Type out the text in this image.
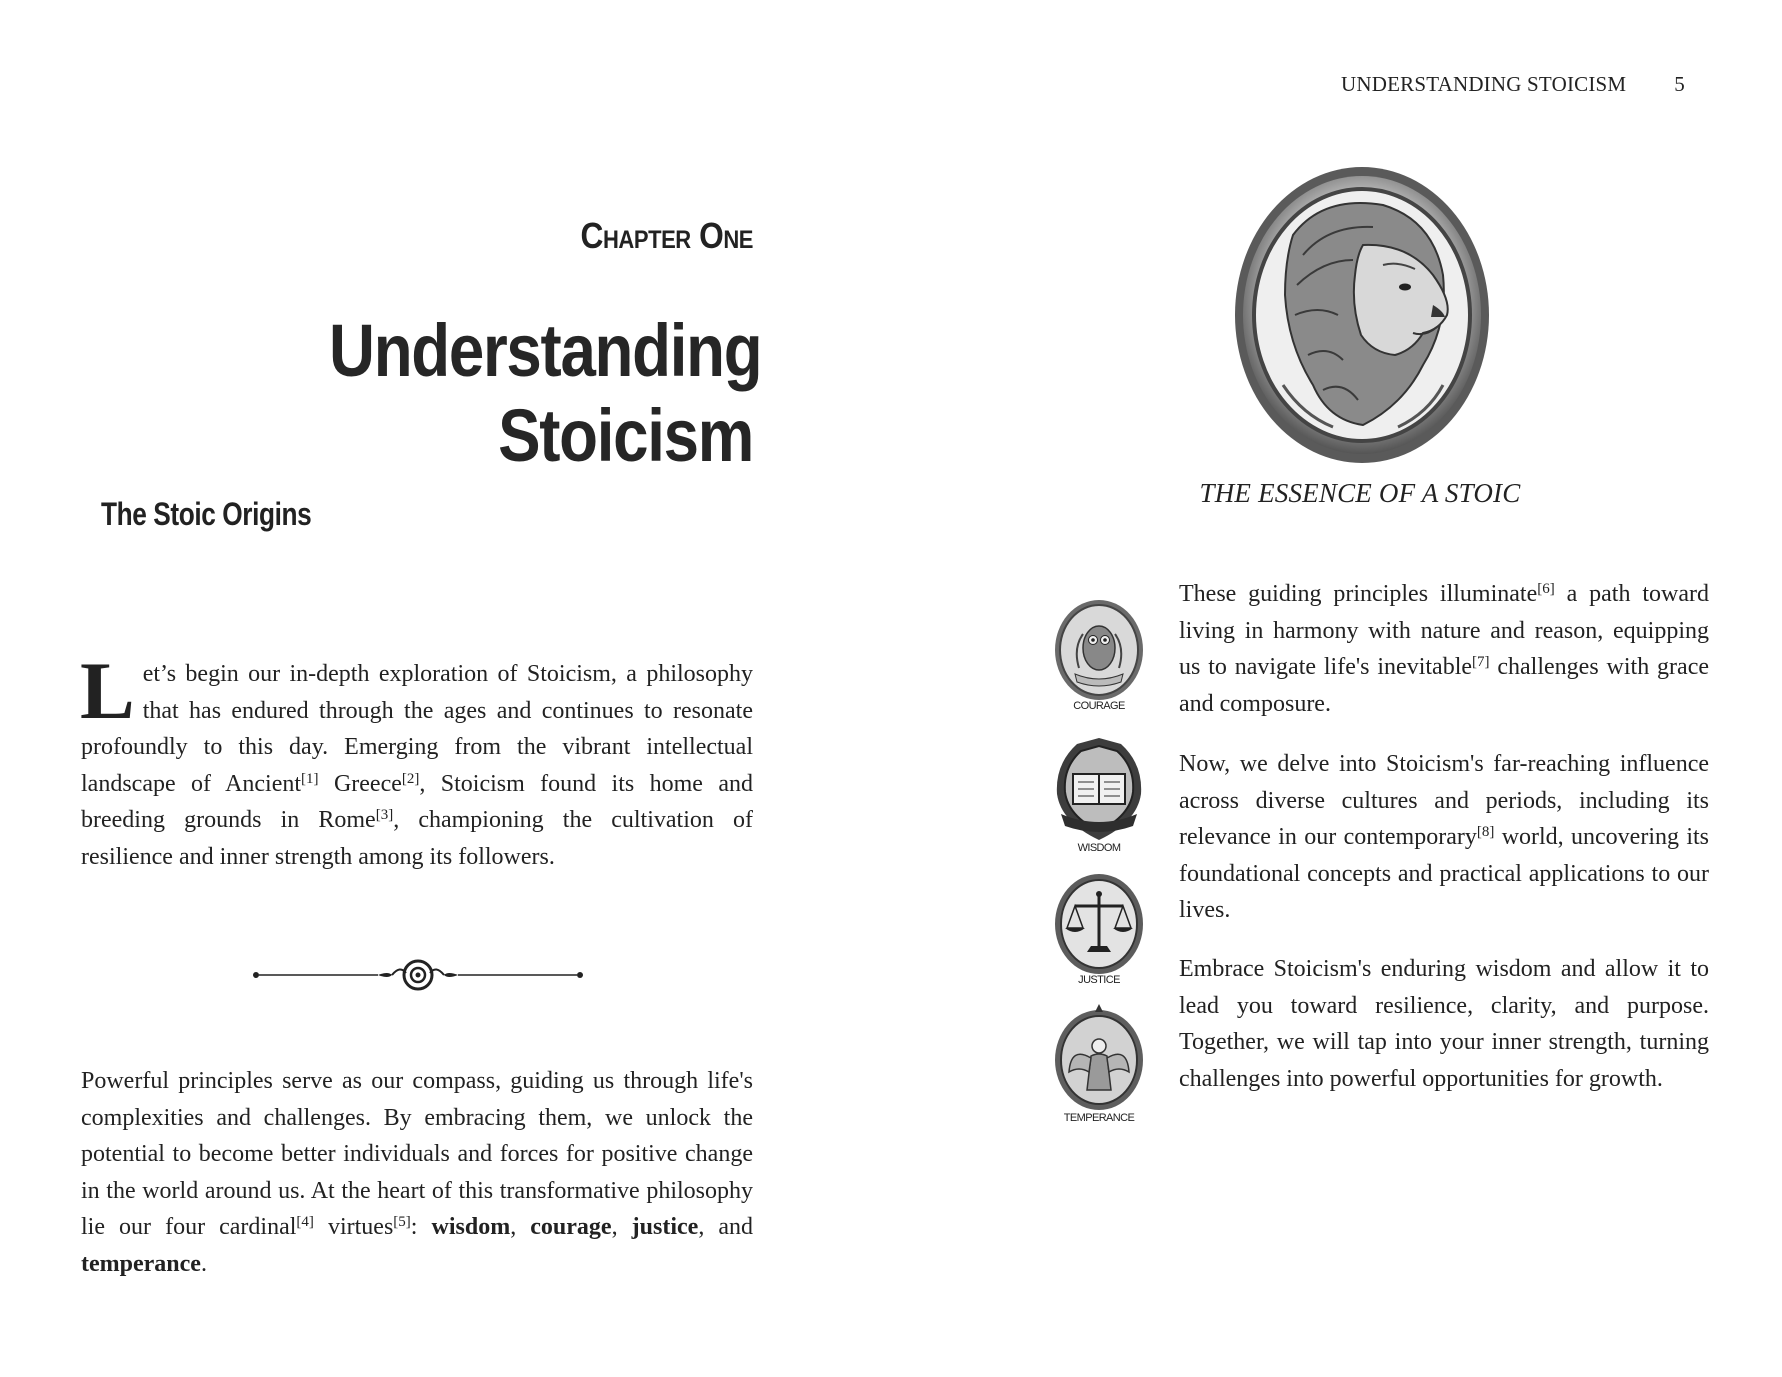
UNDERSTANDING STOICISM 5
Chapter One
Understanding
Stoicism
The Stoic Origins
Let’s begin our in-depth exploration of Stoicism, a philosophy that has endured through the ages and continues to resonate profoundly to this day. Emerging from the vibrant intellectual landscape of Ancient[1] Greece[2], Stoicism found its home and breeding grounds in Rome[3], championing the cultivation of resilience and inner strength among its followers.
Powerful principles serve as our compass, guiding us through life's complexities and challenges. By embracing them, we unlock the potential to become better individuals and forces for positive change in the world around us. At the heart of this transformative philosophy lie our four cardinal[4] virtues[5]: wisdom, courage, justice, and temperance.
THE ESSENCE OF A STOIC
COURAGE
WISDOM
JUSTICE
TEMPERANCE

These guiding principles illuminate[6] a path toward living in harmony with nature and reason, equipping us to navigate life's inevitable[7] challenges with grace and composure.

Now, we delve into Stoicism's far-reaching influence across diverse cultures and periods, including its relevance in our contemporary[8] world, uncovering its foundational concepts and practical applications to our lives.

Embrace Stoicism's enduring wisdom and allow it to lead you toward resilience, clarity, and purpose. Together, we will tap into your inner strength, turning challenges into powerful opportunities for growth.
